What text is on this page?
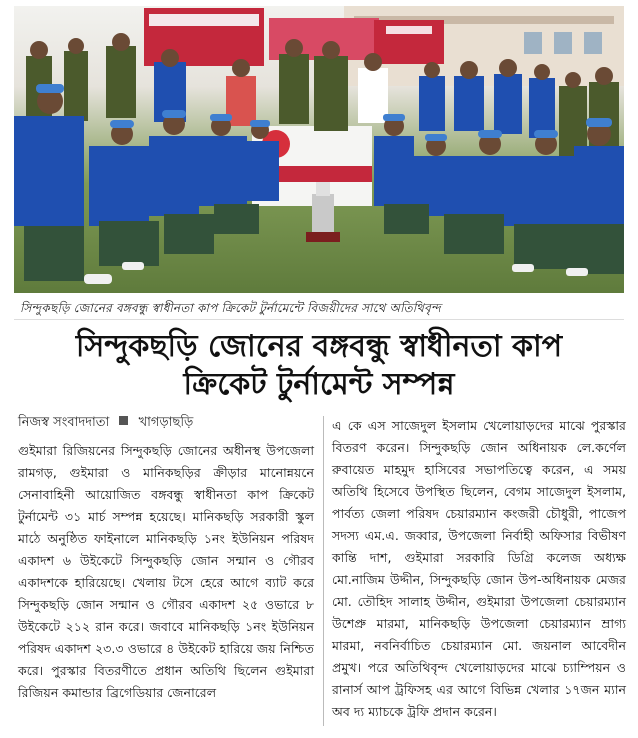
সিন্দুকছড়ি জোনের বঙ্গবন্ধু স্বাধীনতা কাপ ক্রিকেট টুর্নামেন্টে বিজয়ীদের সাথে অতিথিবৃন্দ
সিন্দুকছড়ি জোনের বঙ্গবন্ধু স্বাধীনতা কাপ
ক্রিকেট টুর্নামেন্ট সম্পন্ন
নিজস্ব সংবাদদাতা খাগড়াছড়ি

গুইমারা রিজিয়নের সিন্দুকছড়ি জোনের অধীনস্থ উপজেলা রামগড়, গুইমারা ও মানিকছড়ির ক্রীড়ার মানোন্নয়নে সেনাবাহিনী আয়োজিত বঙ্গবন্ধু স্বাধীনতা কাপ ক্রিকেট টুর্নামেন্ট ৩১ মার্চ সম্পন্ন হয়েছে। মানিকছড়ি সরকারী স্কুল মাঠে অনুষ্ঠিত ফাইনালে মানিকছড়ি ১নং ইউনিয়ন পরিষদ একাদশ ৬ উইকেটে সিন্দুকছড়ি জোন সন্মান ও গৌরব একাদশকে হারিয়েছে। খেলায় টসে হেরে আগে ব্যাট করে সিন্দুকছড়ি জোন সন্মান ও গৌরব একাদশ ২৫ ওভারে ৮ উইকেটে ২১২ রান করে। জবাবে মানিকছড়ি ১নং ইউনিয়ন পরিষদ একাদশ ২৩.৩ ওভারে ৪ উইকেট হারিয়ে জয় নিশ্চিত করে। পুরস্কার বিতরণীতে প্রধান অতিথি ছিলেন গুইমারা রিজিয়ন কমান্ডার ব্রিগেডিয়ার জেনারেল

এ কে এস সাজেদুল ইসলাম খেলোয়াড়দের মাঝে পুরস্কার বিতরণ করেন। সিন্দুকছড়ি জোন অধিনায়ক লে.কর্ণেল রুবায়েত মাহমুদ হাসিবের সভাপতিত্বে করেন, এ সময় অতিথি হিসেবে উপস্থিত ছিলেন, বেগম সাজেদুল ইসলাম, পার্বত্য জেলা পরিষদ চেয়ারম্যান কংজরী চৌধুরী, পাজেপ সদস্য এম.এ. জব্বার, উপজেলা নির্বাহী অফিসার বিভীষণ কান্তি দাশ, গুইমারা সরকারি ডিগ্রি কলেজ অধ্যক্ষ মো.নাজিম উদ্দীন, সিন্দুকছড়ি জোন উপ-অধিনায়ক মেজর মো. তৌহিদ সালাহ উদ্দীন, গুইমারা উপজেলা চেয়ারম্যান উশেপ্রু মারমা, মানিকছড়ি উপজেলা চেয়ারম্যান ম্রাগ্য মারমা, নবনির্বাচিত চেয়ারম্যান মো. জয়নাল আবেদীন প্রমুখ। পরে অতিথিবৃন্দ খেলোয়াড়দের মাঝে চ্যাম্পিয়ন ও রানার্স আপ ট্রফিসহ এর আগে বিভিন্ন খেলার ১৭জন ম্যান অব দ্য ম্যাচকে ট্রফি প্রদান করেন।
